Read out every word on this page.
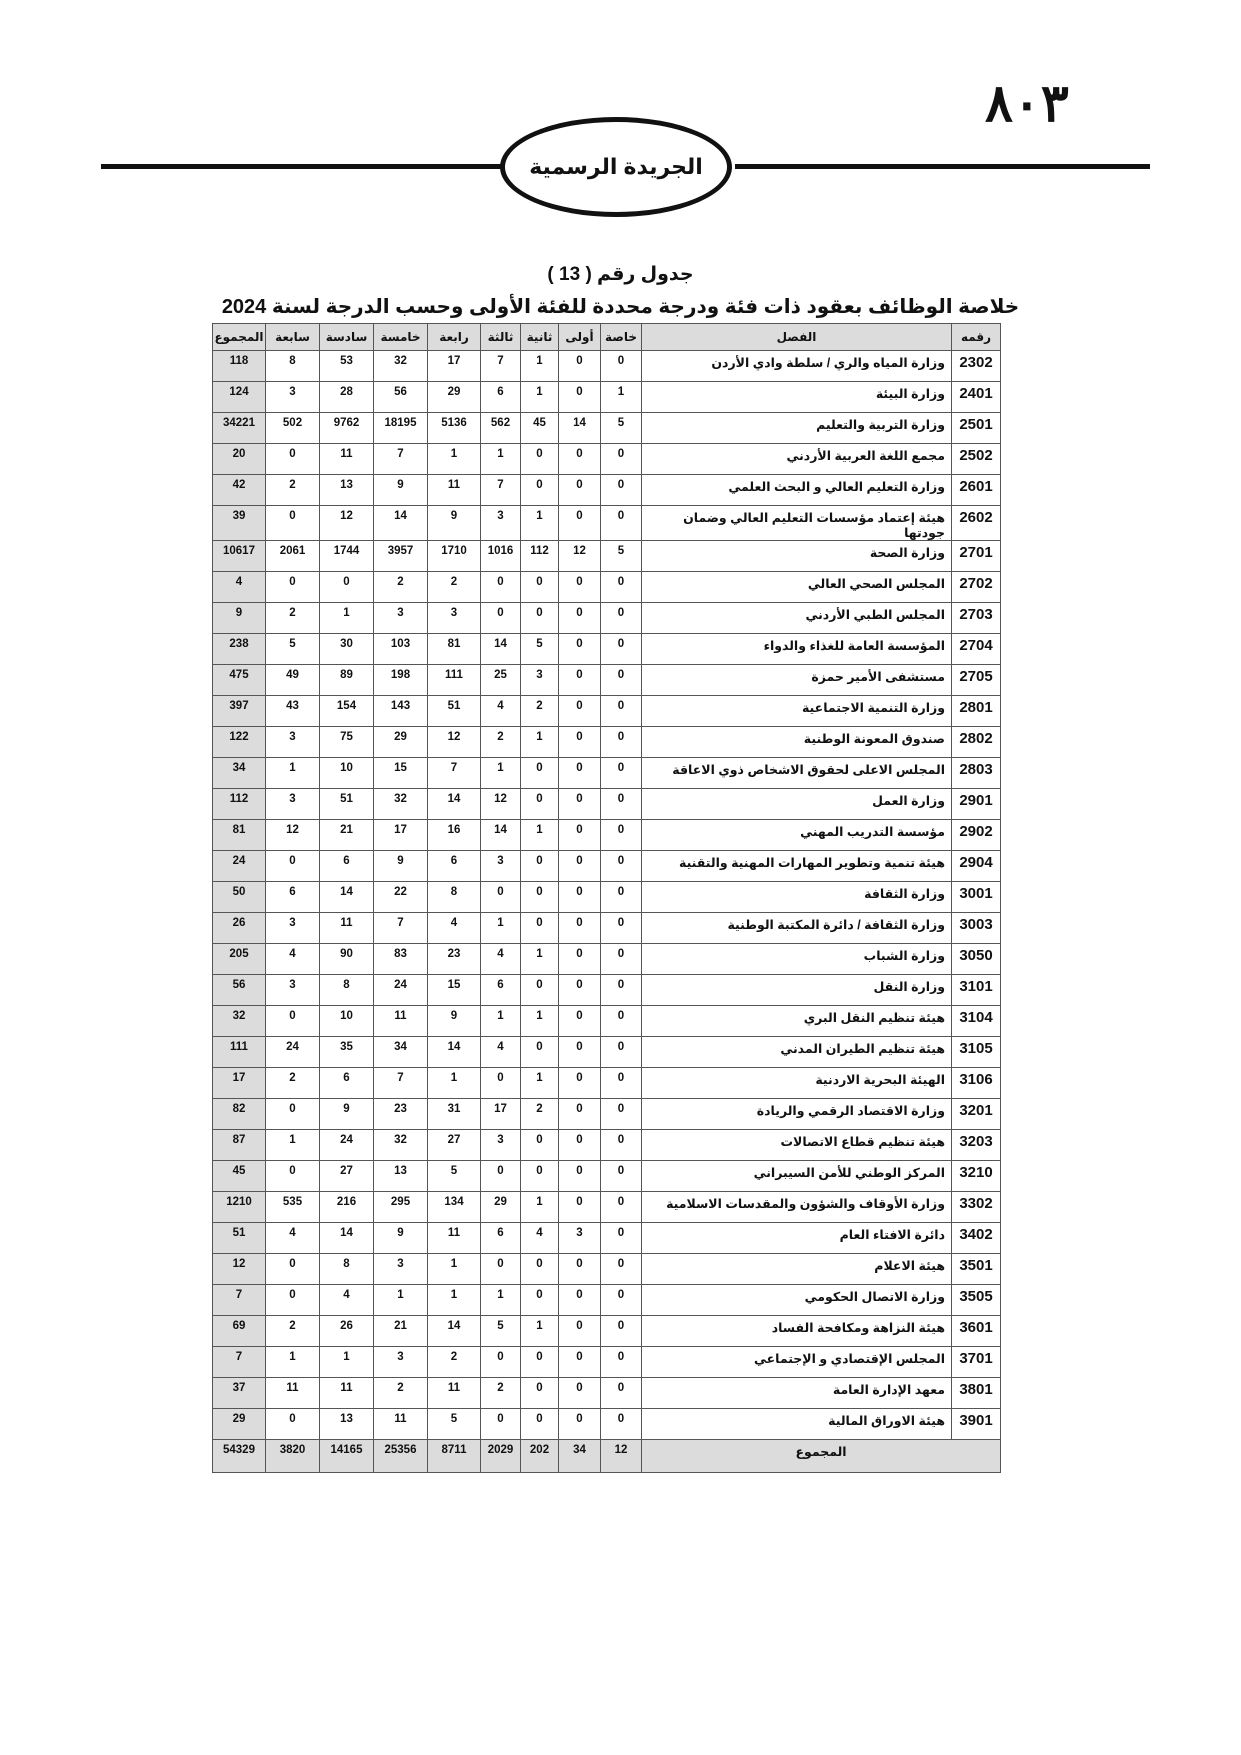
٨٠٣
الجريدة الرسمية
جدول رقم ( 13 )
خلاصة الوظائف بعقود ذات فئة ودرجة محددة للفئة الأولى وحسب الدرجة لسنة 2024
المجموع	سابعة	سادسة	خامسة	رابعة	ثالثة	ثانية	أولى	خاصة	الفصل	رقمه
118	8	53	32	17	7	1	0	0	وزارة المياه والري / سلطة وادي الأردن	2302
124	3	28	56	29	6	1	0	1	وزارة البيئة	2401
34221	502	9762	18195	5136	562	45	14	5	وزارة التربية والتعليم	2501
20	0	11	7	1	1	0	0	0	مجمع اللغة العربية الأردني	2502
42	2	13	9	11	7	0	0	0	وزارة التعليم العالي و البحث العلمي	2601
39	0	12	14	9	3	1	0	0	هيئة إعتماد مؤسسات التعليم العالي وضمان جودتها	2602
10617	2061	1744	3957	1710	1016	112	12	5	وزارة الصحة	2701
4	0	0	2	2	0	0	0	0	المجلس الصحي العالي	2702
9	2	1	3	3	0	0	0	0	المجلس الطبي الأردني	2703
238	5	30	103	81	14	5	0	0	المؤسسة العامة للغذاء والدواء	2704
475	49	89	198	111	25	3	0	0	مستشفى الأمير حمزة	2705
397	43	154	143	51	4	2	0	0	وزارة التنمية الاجتماعية	2801
122	3	75	29	12	2	1	0	0	صندوق المعونة الوطنية	2802
34	1	10	15	7	1	0	0	0	المجلس الاعلى لحقوق الاشخاص ذوي الاعاقة	2803
112	3	51	32	14	12	0	0	0	وزارة العمل	2901
81	12	21	17	16	14	1	0	0	مؤسسة التدريب المهني	2902
24	0	6	9	6	3	0	0	0	هيئة تنمية وتطوير المهارات المهنية والتقنية	2904
50	6	14	22	8	0	0	0	0	وزارة الثقافة	3001
26	3	11	7	4	1	0	0	0	وزارة الثقافة / دائرة المكتبة الوطنية	3003
205	4	90	83	23	4	1	0	0	وزارة الشباب	3050
56	3	8	24	15	6	0	0	0	وزارة النقل	3101
32	0	10	11	9	1	1	0	0	هيئة تنظيم النقل البري	3104
111	24	35	34	14	4	0	0	0	هيئة تنظيم الطيران المدني	3105
17	2	6	7	1	0	1	0	0	الهيئة البحرية الاردنية	3106
82	0	9	23	31	17	2	0	0	وزارة الاقتصاد الرقمي والريادة	3201
87	1	24	32	27	3	0	0	0	هيئة تنظيم قطاع الاتصالات	3203
45	0	27	13	5	0	0	0	0	المركز الوطني للأمن السيبراني	3210
1210	535	216	295	134	29	1	0	0	وزارة الأوقاف والشؤون والمقدسات الاسلامية	3302
51	4	14	9	11	6	4	3	0	دائرة الافتاء العام	3402
12	0	8	3	1	0	0	0	0	هيئة الاعلام	3501
7	0	4	1	1	1	0	0	0	وزارة الاتصال الحكومي	3505
69	2	26	21	14	5	1	0	0	هيئة النزاهة ومكافحة الفساد	3601
7	1	1	3	2	0	0	0	0	المجلس الإقتصادي و الإجتماعي	3701
37	11	11	2	11	2	0	0	0	معهد الإدارة العامة	3801
29	0	13	11	5	0	0	0	0	هيئة الاوراق المالية	3901
54329	3820	14165	25356	8711	2029	202	34	12	المجموع	
